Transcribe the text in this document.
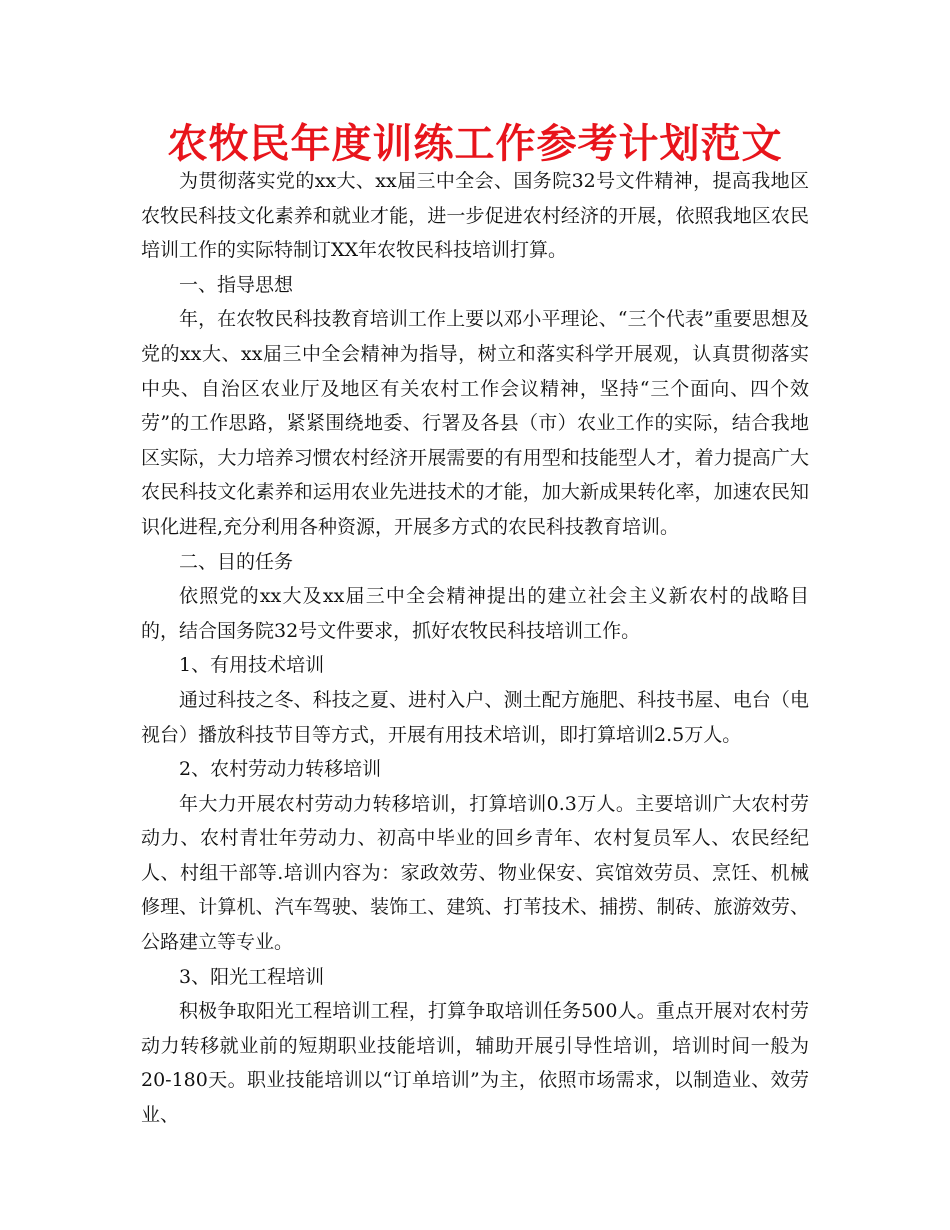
农牧民年度训练工作参考计划范文

为贯彻落实党的xx大、xx届三中全会、国务院32号文件精神，提高我地区农牧民科技文化素养和就业才能，进一步促进农村经济的开展，依照我地区农民培训工作的实际特制订XX年农牧民科技培训打算。

一、指导思想

年，在农牧民科技教育培训工作上要以邓小平理论、“三个代表”重要思想及党的xx大、xx届三中全会精神为指导，树立和落实科学开展观，认真贯彻落实中央、自治区农业厅及地区有关农村工作会议精神，坚持“三个面向、四个效劳”的工作思路，紧紧围绕地委、行署及各县（市）农业工作的实际，结合我地区实际，大力培养习惯农村经济开展需要的有用型和技能型人才，着力提高广大农民科技文化素养和运用农业先进技术的才能，加大新成果转化率，加速农民知识化进程,充分利用各种资源，开展多方式的农民科技教育培训。

二、目的任务

依照党的xx大及xx届三中全会精神提出的建立社会主义新农村的战略目的，结合国务院32号文件要求，抓好农牧民科技培训工作。

1、有用技术培训

通过科技之冬、科技之夏、进村入户、测土配方施肥、科技书屋、电台（电视台）播放科技节目等方式，开展有用技术培训，即打算培训2.5万人。

2、农村劳动力转移培训

年大力开展农村劳动力转移培训，打算培训0.3万人。主要培训广大农村劳动力、农村青壮年劳动力、初高中毕业的回乡青年、农村复员军人、农民经纪人、村组干部等.培训内容为：家政效劳、物业保安、宾馆效劳员、烹饪、机械修理、计算机、汽车驾驶、装饰工、建筑、打苇技术、捕捞、制砖、旅游效劳、公路建立等专业。

3、阳光工程培训

积极争取阳光工程培训工程，打算争取培训任务500人。重点开展对农村劳动力转移就业前的短期职业技能培训，辅助开展引导性培训，培训时间一般为20-180天。职业技能培训以“订单培训”为主，依照市场需求，以制造业、效劳业、
